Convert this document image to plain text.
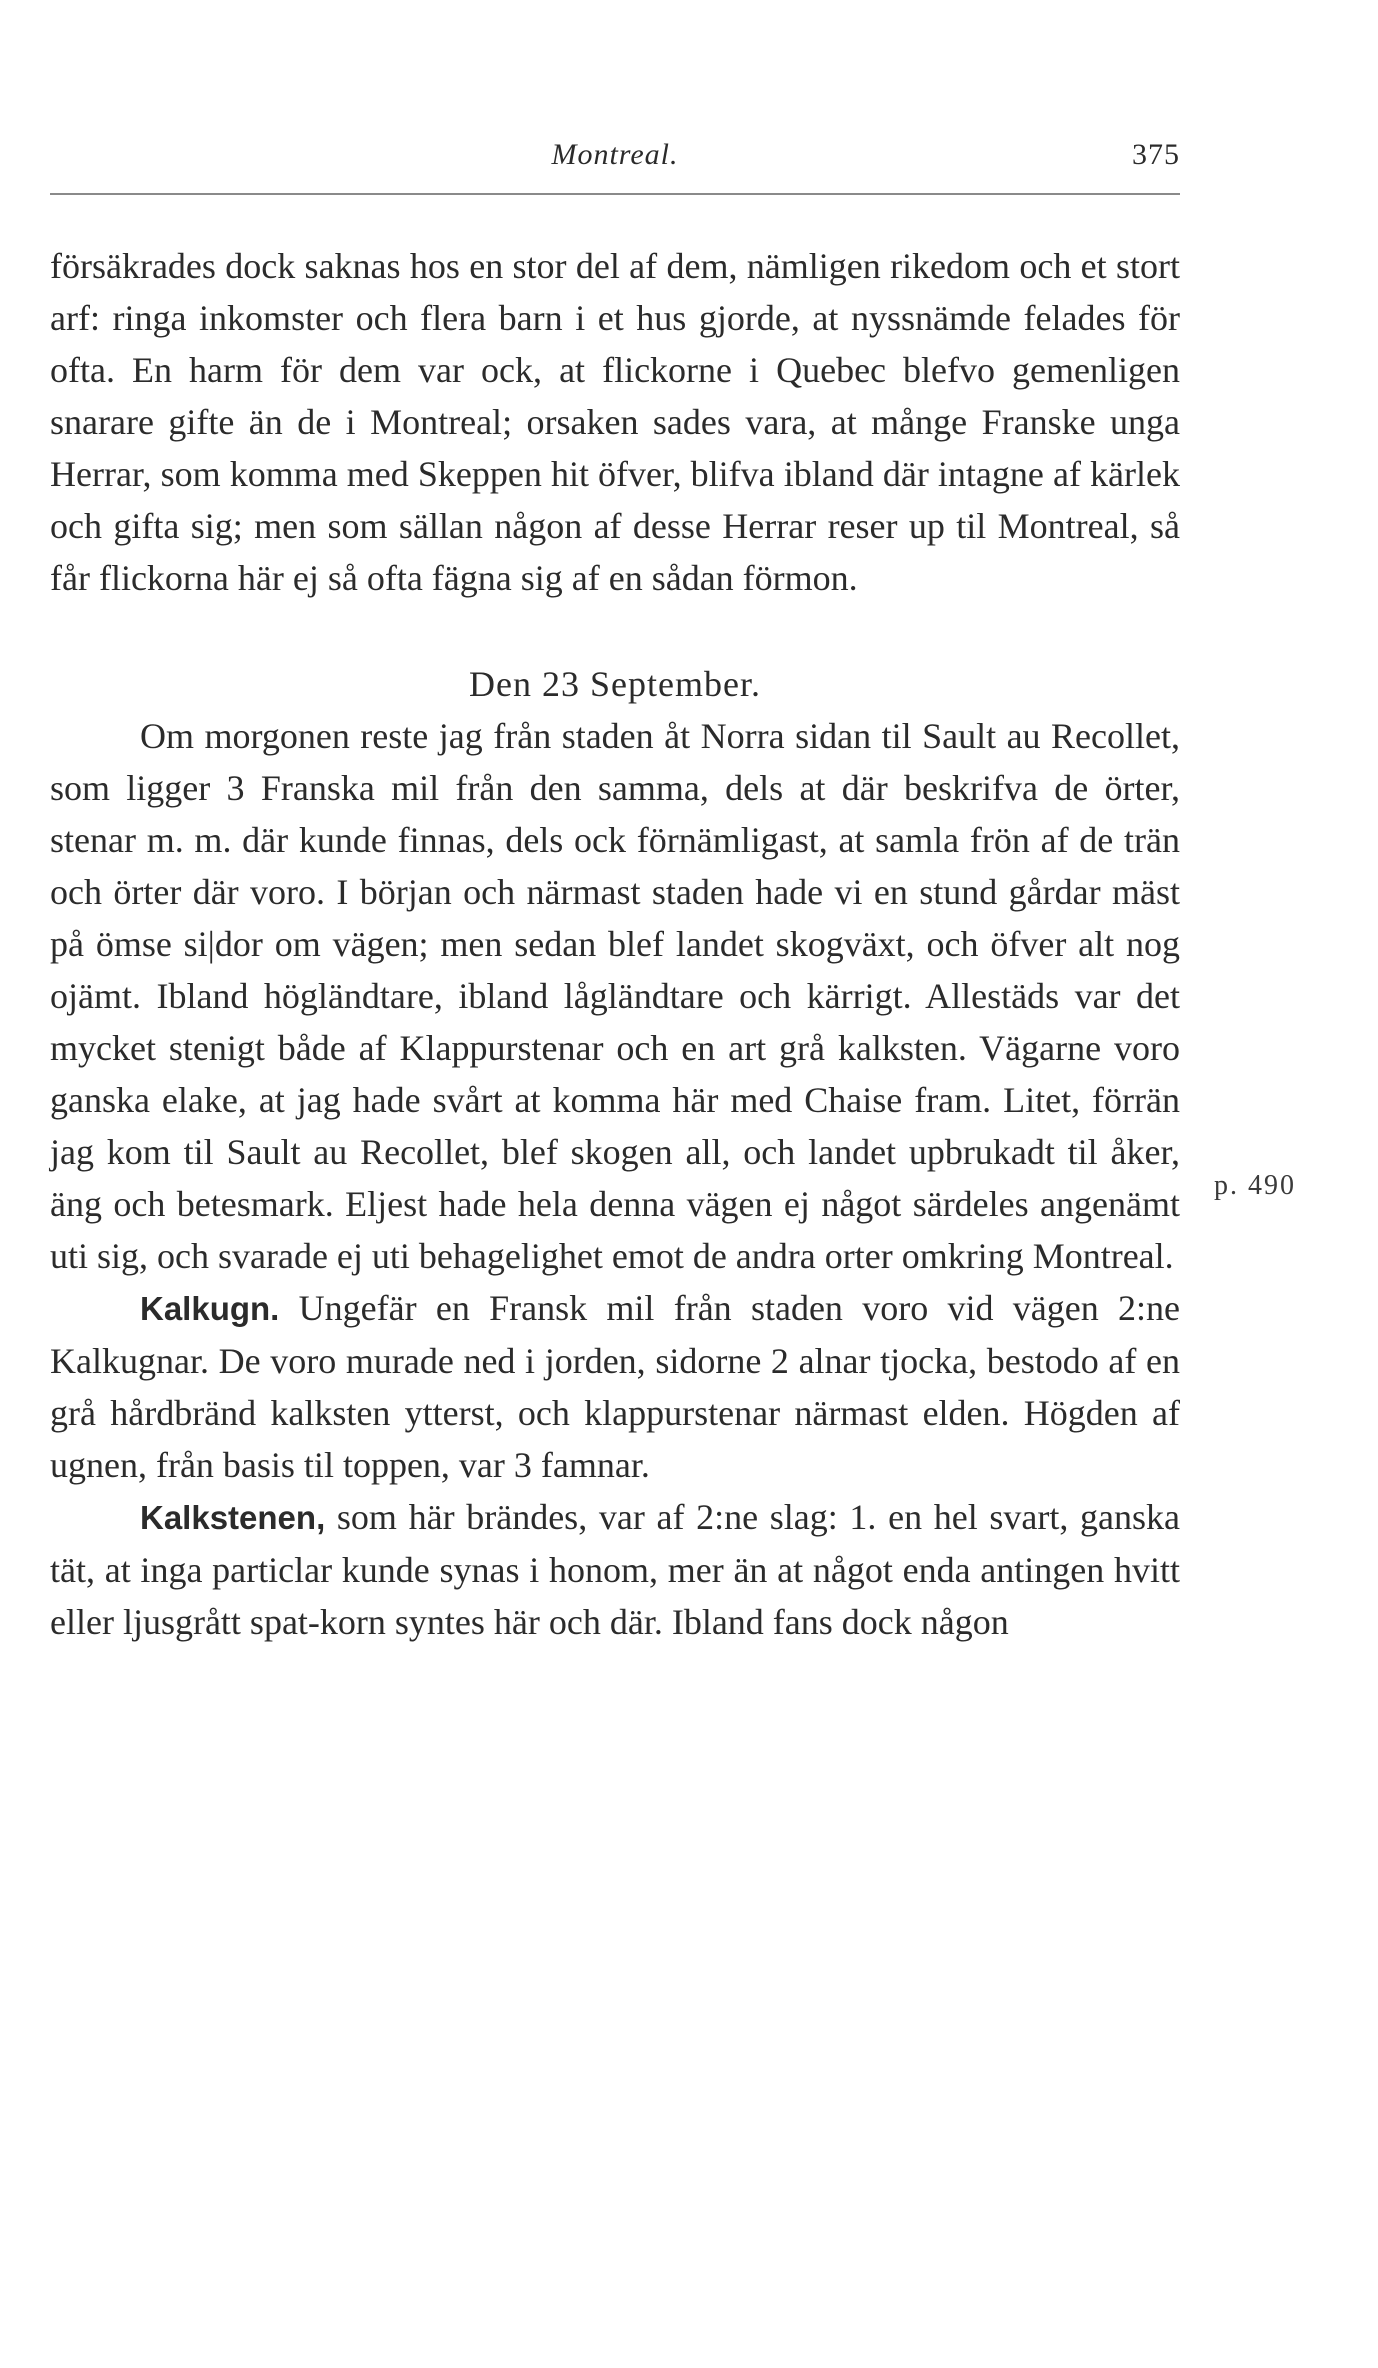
Montreal.	375

försäkrades dock saknas hos en stor del af dem, nämligen rikedom och et stort arf: ringa inkomster och flera barn i et hus gjorde, at nyssnämde felades för ofta. En harm för dem var ock, at flickorne i Quebec blefvo gemenligen snarare gifte än de i Montreal; orsaken sades vara, at månge Franske unga Herrar, som komma med Skeppen hit öfver, blifva ibland där intagne af kärlek och gifta sig; men som sällan någon af desse Herrar reser up til Montreal, så får flickorna här ej så ofta fägna sig af en sådan förmon.

Den 23 September.

Om morgonen reste jag från staden åt Norra sidan til Sault au Recollet, som ligger 3 Franska mil från den samma, dels at där beskrifva de örter, stenar m. m. där kunde finnas, dels ock förnämligast, at samla frön af de trän och örter där voro. I början och närmast staden hade vi en stund gårdar mäst på ömse si|dor om vägen; men sedan blef landet skogväxt, och öfver alt nog ojämt. Ibland högländtare, ibland lågländtare och kärrigt. Allestäds var det mycket stenigt både af Klappurstenar och en art grå kalksten. Vägarne voro ganska elake, at jag hade svårt at komma här med Chaise fram. Litet, förrän jag kom til Sault au Recollet, blef skogen all, och landet upbrukadt til åker, äng och betesmark. Eljest hade hela denna vägen ej något särdeles angenämt uti sig, och svarade ej uti behagelighet emot de andra orter omkring Montreal.

Kalkugn. Ungefär en Fransk mil från staden voro vid vägen 2:ne Kalkugnar. De voro murade ned i jorden, sidorne 2 alnar tjocka, bestodo af en grå hårdbränd kalksten ytterst, och klappurstenar närmast elden. Högden af ugnen, från basis til toppen, var 3 famnar.

Kalkstenen, som här brändes, var af 2:ne slag: 1. en hel svart, ganska tät, at inga particlar kunde synas i honom, mer än at något enda antingen hvitt eller ljusgrått spat-korn syntes här och där. Ibland fans dock någon

p. 490
